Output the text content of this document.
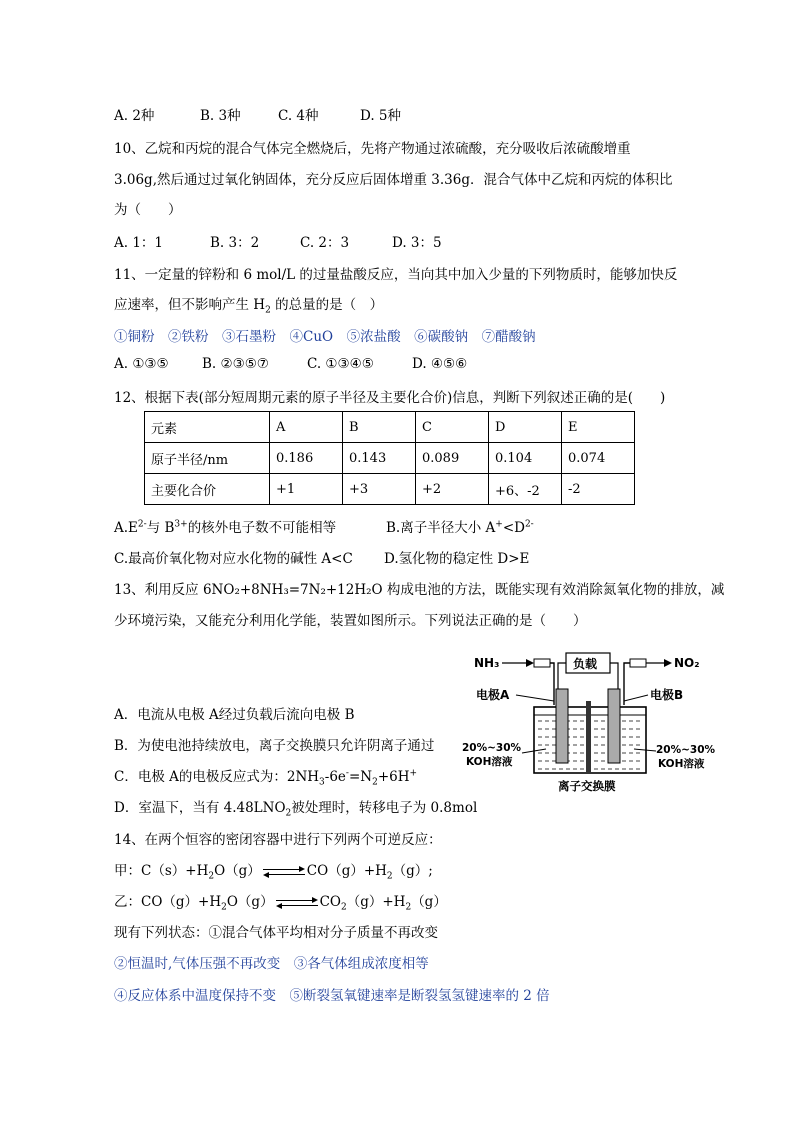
A. 2种	B. 3种	C. 4种	D. 5种
10、乙烷和丙烷的混合气体完全燃烧后，先将产物通过浓硫酸，充分吸收后浓硫酸增重
3.06g,然后通过过氧化钠固体，充分反应后固体增重 3.36g．混合气体中乙烷和丙烷的体积比
为（　　）
A. 1：1	B. 3：2	C. 2：3	D. 3：5
11、一定量的锌粉和 6 mol/L 的过量盐酸反应，当向其中加入少量的下列物质时，能够加快反
应速率，但不影响产生 $H_2$ 的总量的是（　）
①铜粉　②铁粉　③石墨粉　④CuO　⑤浓盐酸　⑥碳酸钠　⑦醋酸钠
A. ①③⑤ B. ②③⑤⑦	C. ①③④⑤	D. ④⑤⑥
12、根据下表(部分短周期元素的原子半径及主要化合价)信息，判断下列叙述正确的是(　　)
元素	A	B	C	D	E
原子半径/nm	0.186	0.143	0.089	0.104	0.074
主要化合价	+1	+3	+2	+6、-2	-2
$A.E^{2-}$与 $B^{3+}$的核外电子数不可能相等	B.离子半径大小 $A^+<D^{2-}$
C.最高价氧化物对应水化物的碱性 A<C D.氢化物的稳定性 D>E
13、利用反应 6NO₂+8NH₃=7N₂+12H₂O 构成电池的方法，既能实现有效消除氮氧化物的排放，减
少环境污染，又能充分利用化学能，装置如图所示。下列说法正确的是（　　）
A．电流从电极 A经过负载后流向电极 B
B．为使电池持续放电，离子交换膜只允许阴离子通过
C．电极 A的电极反应式为：$2NH_3-6e^-=N_2+6H^+$
D．室温下，当有 $4.48LNO_2$被处理时，转移电子为 0.8mol
NH₃	负载	NO₂
电极A	电极B
20%~30%
KOH溶液
20%~30%
KOH溶液
离子交换膜
14、在两个恒容的密闭容器中进行下列两个可逆反应：
甲：$C(s)+H_2O(g)$	$CO(g)+H_2(g)$;
乙：$CO(g)+H_2O(g)$	$CO_2(g)+H_2(g)$
现有下列状态：①混合气体平均相对分子质量不再改变
②恒温时,气体压强不再改变　③各气体组成浓度相等
④反应体系中温度保持不变　⑤断裂氢氧键速率是断裂氢氢键速率的 2 倍
